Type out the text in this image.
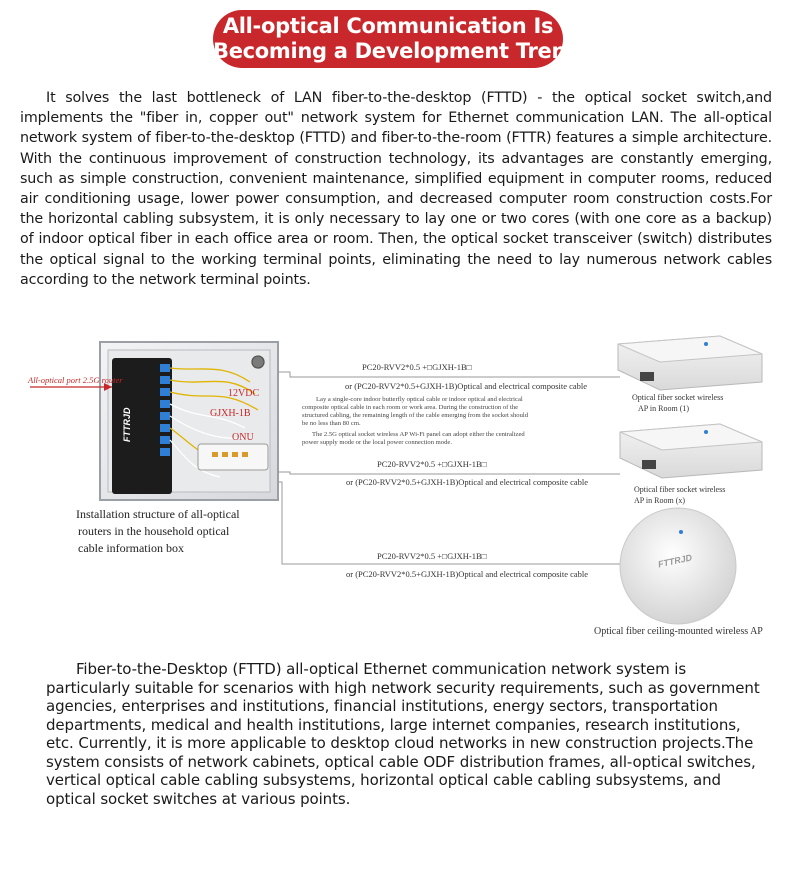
All-optical Communication Is
Becoming a Development Trend

It solves the last bottleneck of LAN fiber-to-the-desktop (FTTD) - the optical socket switch,and implements the "fiber in, copper out" network system for Ethernet communication LAN. The all-optical network system of fiber-to-the-desktop (FTTD) and fiber-to-the-room (FTTR) features a simple architecture. With the continuous improvement of construction technology, its advantages are constantly emerging, such as simple construction, convenient maintenance, simplified equipment in computer rooms, reduced air conditioning usage, lower power consumption, and decreased computer room construction costs.For the horizontal cabling subsystem, it is only necessary to lay one or two cores (with one core as a backup) of indoor optical fiber in each office area or room. Then, the optical socket transceiver (switch) distributes the optical signal to the working terminal points, eliminating the need to lay numerous network cables according to the network terminal points.

FTTRJD
12VDC
GJXH-1B
ONU
All-optical port 2.5G router
Installation structure of all-optical
routers in the household optical
cable information box
PC20-RVV2*0.5 +□GJXH-1B□
or (PC20-RVV2*0.5+GJXH-1B)Optical and electrical composite cable
Lay a single-core indoor butterfly optical cable or indoor optical and electrical
composite optical cable in each room or work area. During the construction of the
structured cabling, the remaining length of the cable emerging from the socket should
be no less than 80 cm.
The 2.5G optical socket wireless AP Wi-Fi panel can adopt either the centralized
power supply mode or the local power connection mode.
PC20-RVV2*0.5 +□GJXH-1B□
or (PC20-RVV2*0.5+GJXH-1B)Optical and electrical composite cable
PC20-RVV2*0.5 +□GJXH-1B□
or (PC20-RVV2*0.5+GJXH-1B)Optical and electrical composite cable
Optical fiber socket wireless
AP in Room (1)
Optical fiber socket wireless
AP in Room (x)
FTTRJD
Optical fiber ceiling-mounted wireless AP

Fiber-to-the-Desktop (FTTD) all-optical Ethernet communication network system is particularly suitable for scenarios with high network security requirements, such as government agencies, enterprises and institutions, financial institutions, energy sectors, transportation departments, medical and health institutions, large internet companies, research institutions, etc. Currently, it is more applicable to desktop cloud networks in new construction projects.The system consists of network cabinets, optical cable ODF distribution frames, all-optical switches, vertical optical cable cabling subsystems, horizontal optical cable cabling subsystems, and optical socket switches at various points.
